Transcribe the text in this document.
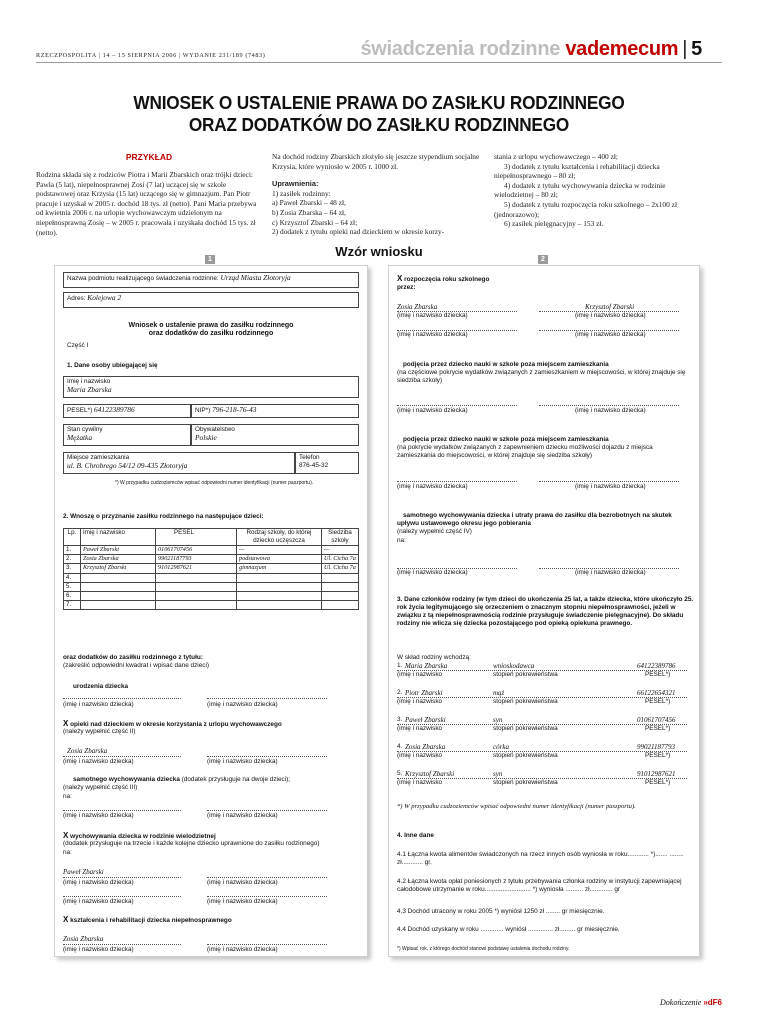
RZECZPOSPOLITA | 14 – 15 SIERPNIA 2006 | WYDANIE 231/189 (7483)	świadczenia rodzinne vademecum | 5
WNIOSEK O USTALENIE PRAWA DO ZASIŁKU RODZINNEGO
ORAZ DODATKÓW DO ZASIŁKU RODZINNEGO
PRZYKŁAD

Rodzina składa się z rodziców Piotra i Marii Zbarskich oraz trójki dzieci: Pawła (5 lat), niepełnosprawnej Zosi (7 lat) uczącej się w szkole podstawowej oraz Krzysia (15 lat) uczącego się w gimnazjum. Pan Piotr pracuje i uzyskał w 2005 r. dochód 18 tys. zł (netto). Pani Maria przebywa od kwietnia 2006 r. na urlopie wychowawczym udzielonym na niepełnosprawną Zosię – w 2005 r. pracowała i uzyskała dochód 15 tys. zł (netto).

Na dochód rodziny Zbarskich złożyło się jeszcze stypendium socjalne Krzysia, które wyniosło w 2005 r. 1000 zł.

Uprawnienia:

1) zasiłek rodzinny:

a) Paweł Zbarski – 48 zł,

b) Zosia Zbarska – 64 zł,

c) Krzysztof Zbarski – 64 zł;

2) dodatek z tytułu opieki nad dzieckiem w okresie korzy-

stania z urlopu wychowawczego – 400 zł;

3) dodatek z tytułu kształcenia i rehabilitacji dziecka niepełnosprawnego – 80 zł;

4) dodatek z tytułu wychowywania dziecka w rodzinie wielodzietnej – 80 zł;

5) dodatek z tytułu rozpoczęcia roku szkolnego – 2x100 zł (jednorazowo);

6) zasiłek pielęgnacyjny – 153 zł.

Wzór wniosku
1	2
Nazwa podmiotu realizującego świadczenia rodzinne: Urząd Miasta Złotoryja
Adres: Kolejowa 2
Wniosek o ustalenie prawa do zasiłku rodzinnego
oraz dodatków do zasiłku rodzinnego
Część I
1. Dane osoby ubiegającej się
Imię i nazwisko
Maria Zbarska
PESEL*) 64122389786	NIP*) 796-218-76-43
Stan cywilny
Mężatka
Obywatelstwo
Polskie
Miejsce zamieszkania
ul. B. Chrobrego 54/12 09-435 Złotoryja
Telefon
876-45-32
*) W przypadku cudzoziemców wpisać odpowiedni numer identyfikacji (numer paszportu).
2. Wnoszę o przyznanie zasiłku rodzinnego na następujące dzieci:
Lp.	Imię i nazwisko	PESEL	Rodzaj szkoły, do której dziecko uczęszcza	Siedziba szkoły
1.	Paweł Zbarski	01061707456	—	—
2.	Zosia Zbarska	99021187793	podstawowa	Ul. Cicha 7a
3.	Krzysztof Zbarski	91012987621	gimnazjum	Ul. Cicha 7a
4.				
5.				
6.				
7.				
oraz dodatków do zasiłku rodzinnego z tytułu:
(zakreślić odpowiedni kwadrat i wpisać dane dzieci)
urodzenia dziecka
(imię i nazwisko dziecka)	(imię i nazwisko dziecka)
X opieki nad dzieckiem w okresie korzystania z urlopu wychowawczego
(należy wypełnić część II)
Zosia Zbarska
(imię i nazwisko dziecka)	(imię i nazwisko dziecka)
samotnego wychowywania dziecka (dodatek przysługuje na dwoje dzieci);
(należy wypełnić część III)
na:
(imię i nazwisko dziecka)	(imię i nazwisko dziecka)
X wychowywania dziecka w rodzinie wielodzietnej
(dodatek przysługuje na trzecie i każde kolejne dziecko uprawnione do zasiłku rodzinnego)
na:
Paweł Zbarski
(imię i nazwisko dziecka)	(imię i nazwisko dziecka)
(imię i nazwisko dziecka)	(imię i nazwisko dziecka)
X kształcenia i rehabilitacji dziecka niepełnosprawnego
Zosia Zbarska
(imię i nazwisko dziecka)	(imię i nazwisko dziecka)
X rozpoczęcia roku szkolnego
przez:
Zosia Zbarska	Krzysztof Zbarski
(imię i nazwisko dziecka)	(imię i nazwisko dziecka)
(imię i nazwisko dziecka)	(imię i nazwisko dziecka)
podjęcia przez dziecko nauki w szkole poza miejscem zamieszkania
(na częściowe pokrycie wydatków związanych z zamieszkaniem w miejscowości, w której znajduje się siedziba szkoły)
(imię i nazwisko dziecka)	(imię i nazwisko dziecka)
podjęcia przez dziecko nauki w szkole poza miejscem zamieszkania
(na pokrycie wydatków związanych z zapewnieniem dziecku możliwości dojazdu z miejsca zamieszkania do miejscowości, w której znajduje się siedziba szkoły)
(imię i nazwisko dziecka)	(imię i nazwisko dziecka)
samotnego wychowywania dziecka i utraty prawa do zasiłku dla bezrobotnych na skutek upływu ustawowego okresu jego pobierania
(należy wypełnić część IV)
na:
(imię i nazwisko dziecka)	(imię i nazwisko dziecka)
3. Dane członków rodziny (w tym dzieci do ukończenia 25 lat, a także dziecka, które ukończyło 25. rok życia legitymującego się orzeczeniem o znacznym stopniu niepełnosprawności, jeżeli w związku z tą niepełnosprawnością rodzinie przysługuje świadczenie pielęgnacyjne). Do składu rodziny nie wlicza się dziecka pozostającego pod opieką opiekuna prawnego.
W skład rodziny wchodzą:
1. Maria Zbarska	wnioskodawca	64122389786
(imię i nazwisko	stopień pokrewieństwa	PESEL*)
2. Piotr Zbarski	mąż	66122654321
(imię i nazwisko	stopień pokrewieństwa	PESEL*)
3. Paweł Zbarski	syn	01061707456
(imię i nazwisko	stopień pokrewieństwa	PESEL*)
4. Zosia Zbarska	córka	99021187793
(imię i nazwisko	stopień pokrewieństwa	PESEL*)
5. Krzysztof Zbarski	syn	91012987621
(imię i nazwisko	stopień pokrewieństwa	PESEL*)
*) W przypadku cudzoziemców wpisać odpowiedni numer identyfikacji (numer paszportu).
4. Inne dane
4.1 Łączna kwota alimentów świadczonych na rzecz innych osób wyniosła w roku............ *)....... ........ zł............ gr.
4.2 Łączna kwota opłat poniesionych z tytułu przebywania członka rodziny w instytucji zapewniającej całodobowe utrzymanie w roku.......................... *) wyniosła .......... zł............. gr
4.3 Dochód utracony w roku 2005 *) wyniósł 1250 zł ........ gr miesięcznie.
4.4 Dochód uzyskany w roku ............. wyniósł .............. zł......... gr miesięcznie.
*) Wpisać rok, z którego dochód stanowi podstawę ustalenia dochodu rodziny.
Dokończenie »dF6
